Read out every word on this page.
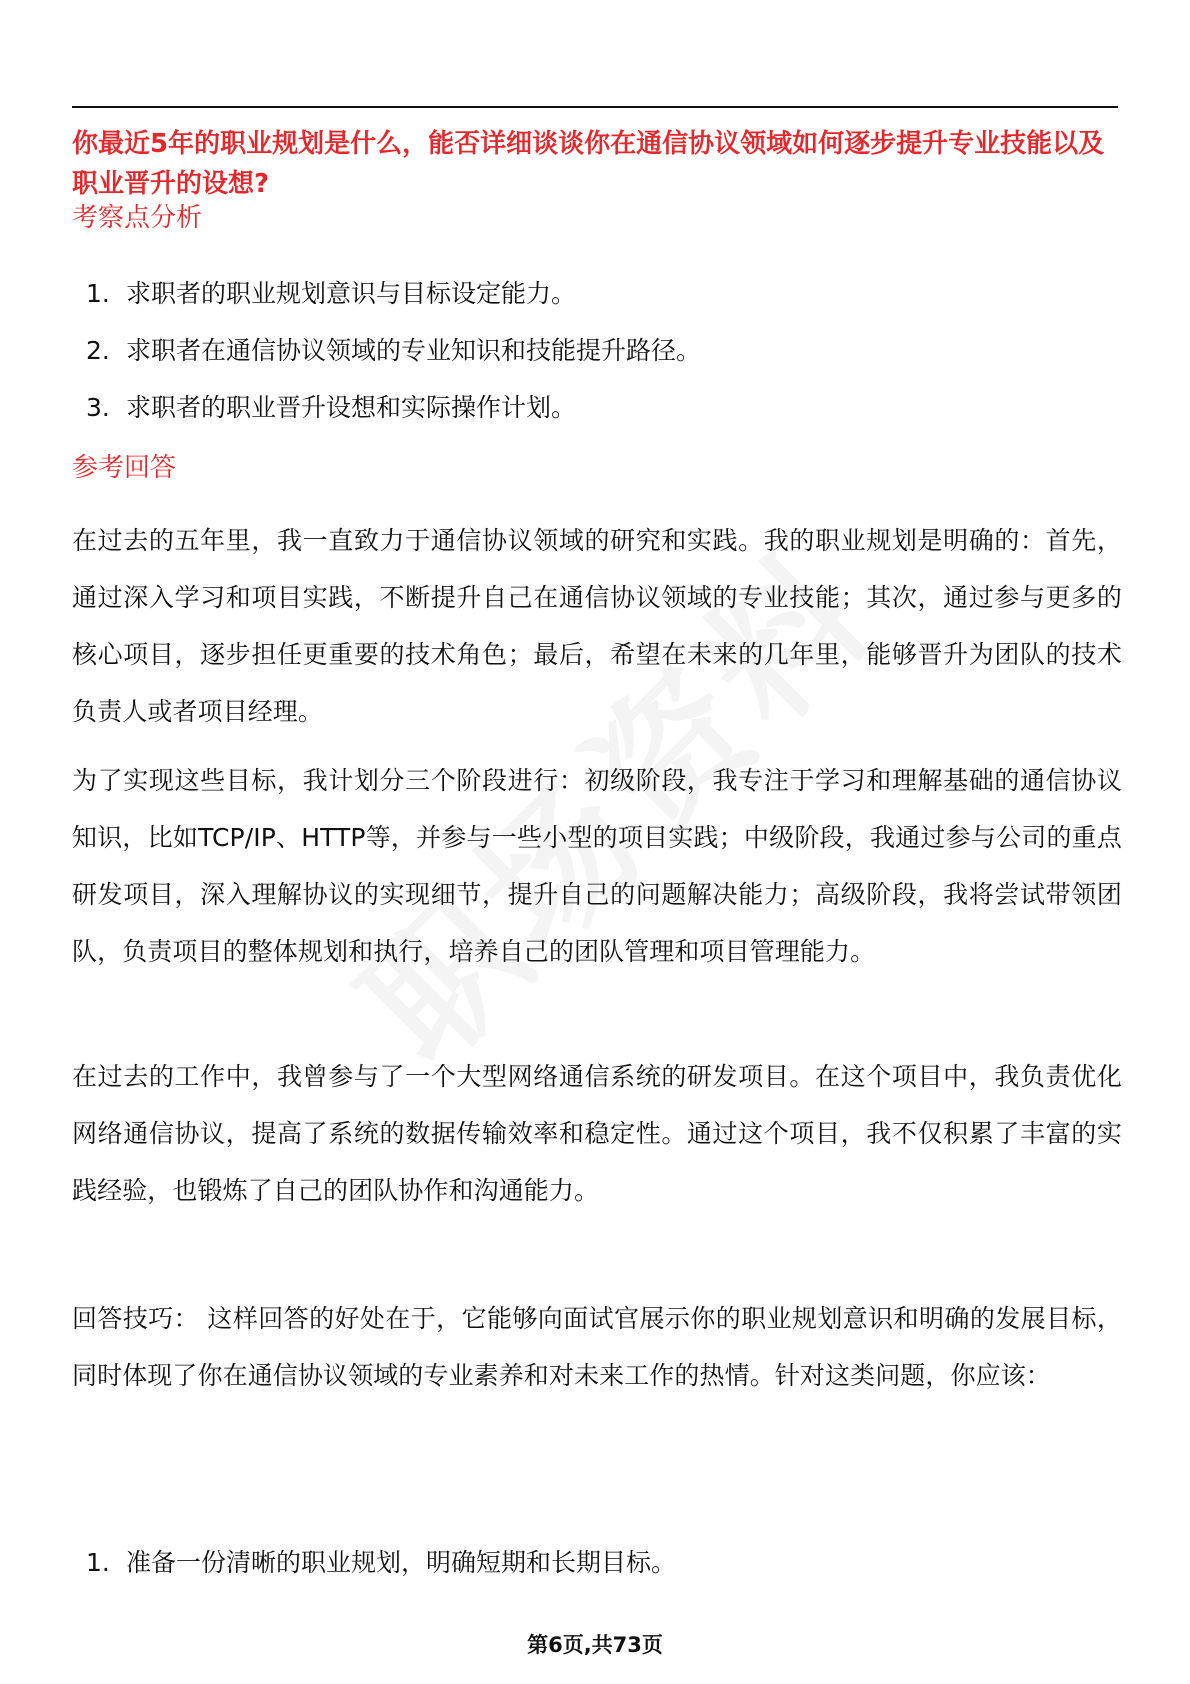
你最近5年的职业规划是什么，能否详细谈谈你在通信协议领域如何逐步提升专业技能以及职业晋升的设想?
考察点分析
1. 求职者的职业规划意识与目标设定能力。
2. 求职者在通信协议领域的专业知识和技能提升路径。
3. 求职者的职业晋升设想和实际操作计划。
参考回答

在过去的五年里，我一直致力于通信协议领域的研究和实践。我的职业规划是明确的：首先，通过深入学习和项目实践，不断提升自己在通信协议领域的专业技能；其次，通过参与更多的核心项目，逐步担任更重要的技术角色；最后，希望在未来的几年里，能够晋升为团队的技术负责人或者项目经理。

为了实现这些目标，我计划分三个阶段进行：初级阶段，我专注于学习和理解基础的通信协议知识，比如TCP/IP、HTTP等，并参与一些小型的项目实践；中级阶段，我通过参与公司的重点研发项目，深入理解协议的实现细节，提升自己的问题解决能力；高级阶段，我将尝试带领团队，负责项目的整体规划和执行，培养自己的团队管理和项目管理能力。

在过去的工作中，我曾参与了一个大型网络通信系统的研发项目。在这个项目中，我负责优化网络通信协议，提高了系统的数据传输效率和稳定性。通过这个项目，我不仅积累了丰富的实践经验，也锻炼了自己的团队协作和沟通能力。

回答技巧： 这样回答的好处在于，它能够向面试官展示你的职业规划意识和明确的发展目标，同时体现了你在通信协议领域的专业素养和对未来工作的热情。针对这类问题，你应该：

1. 准备一份清晰的职业规划，明确短期和长期目标。
第6页,共73页
